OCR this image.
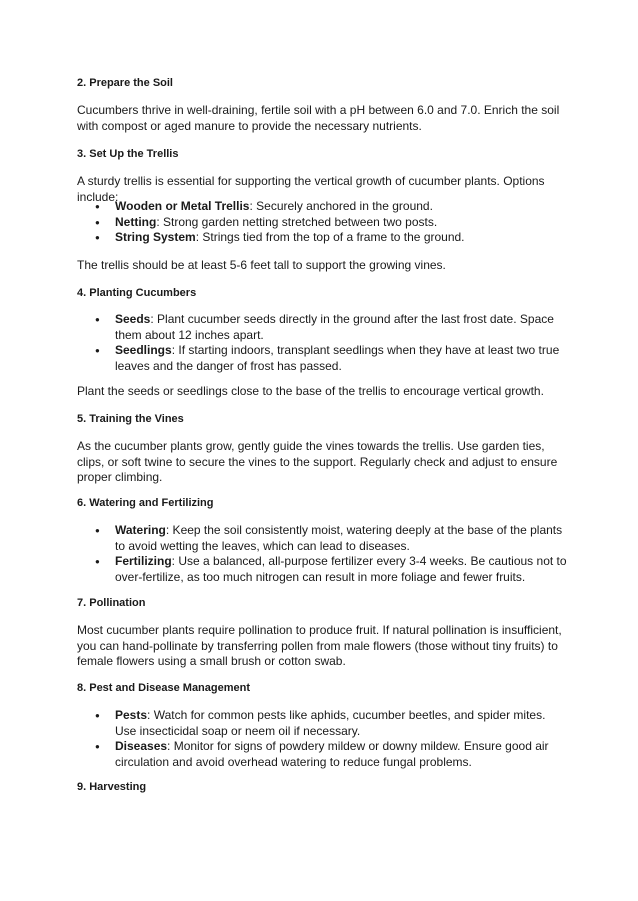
2. Prepare the Soil
Cucumbers thrive in well-draining, fertile soil with a pH between 6.0 and 7.0. Enrich the soil with compost or aged manure to provide the necessary nutrients.
3. Set Up the Trellis
A sturdy trellis is essential for supporting the vertical growth of cucumber plants. Options include:
● Wooden or Metal Trellis: Securely anchored in the ground.
● Netting: Strong garden netting stretched between two posts.
● String System: Strings tied from the top of a frame to the ground.
The trellis should be at least 5-6 feet tall to support the growing vines.
4. Planting Cucumbers
● Seeds: Plant cucumber seeds directly in the ground after the last frost date. Space them about 12 inches apart.
● Seedlings: If starting indoors, transplant seedlings when they have at least two true leaves and the danger of frost has passed.
Plant the seeds or seedlings close to the base of the trellis to encourage vertical growth.
5. Training the Vines
As the cucumber plants grow, gently guide the vines towards the trellis. Use garden ties, clips, or soft twine to secure the vines to the support. Regularly check and adjust to ensure proper climbing.
6. Watering and Fertilizing
● Watering: Keep the soil consistently moist, watering deeply at the base of the plants to avoid wetting the leaves, which can lead to diseases.
● Fertilizing: Use a balanced, all-purpose fertilizer every 3-4 weeks. Be cautious not to over-fertilize, as too much nitrogen can result in more foliage and fewer fruits.
7. Pollination
Most cucumber plants require pollination to produce fruit. If natural pollination is insufficient, you can hand-pollinate by transferring pollen from male flowers (those without tiny fruits) to female flowers using a small brush or cotton swab.
8. Pest and Disease Management
● Pests: Watch for common pests like aphids, cucumber beetles, and spider mites. Use insecticidal soap or neem oil if necessary.
● Diseases: Monitor for signs of powdery mildew or downy mildew. Ensure good air circulation and avoid overhead watering to reduce fungal problems.
9. Harvesting
